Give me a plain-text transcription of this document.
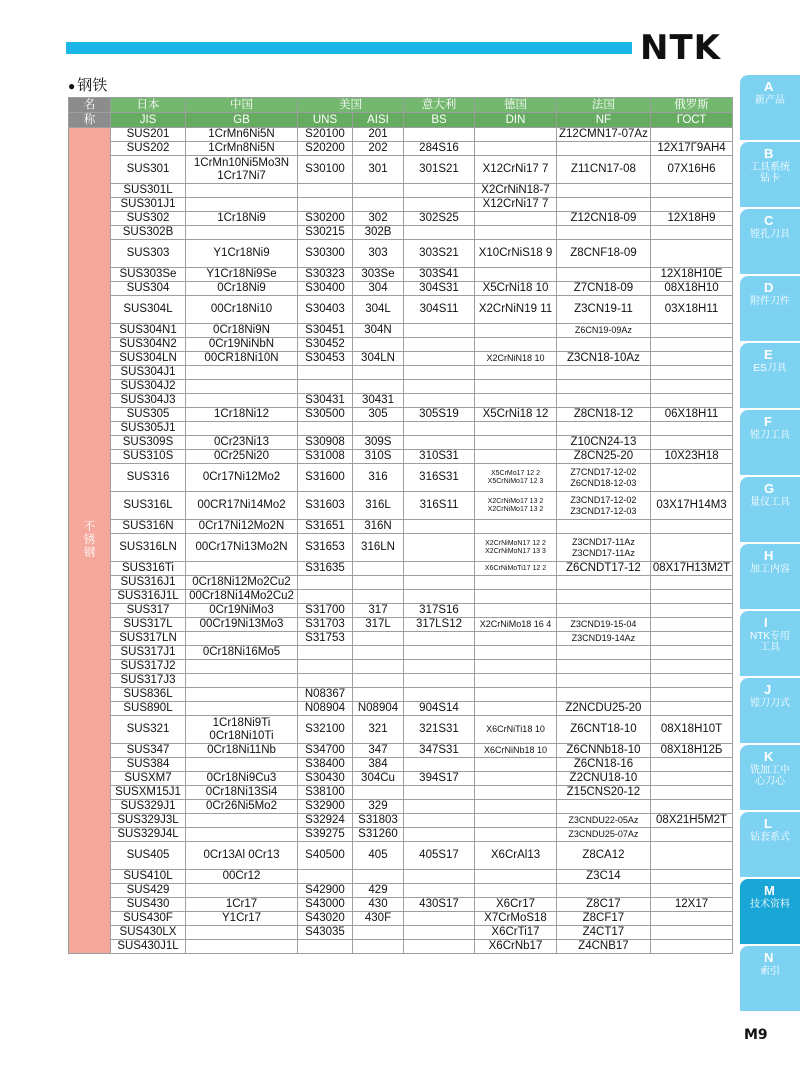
NTK
● 钢铁
名	日本	中国	美国		意大利	德国	法国	俄罗斯
称	JIS	GB	UNS	AISI	BS	DIN	NF	ГОСТ

不
锈
钢	SUS201	1CrMn6Ni5N	S20100	201			Z12CMN17-07Az	
	SUS202	1CrMn8Ni5N	S20200	202	284S16			12X17Г9АН4
	SUS301	1CrMn10Ni5Mo3N 1Cr17Ni7	S30100	301	301S21	X12CrNi17 7	Z11CN17-08	07X16H6
	SUS301L					X2CrNiN18-7		
	SUS301J1					X12CrNi17 7		
	SUS302	1Cr18Ni9	S30200	302	302S25		Z12CN18-09	12X18H9
	SUS302B		S30215	302B				
	SUS303	Y1Cr18Ni9	S30300	303	303S21	X10CrNiS18 9	Z8CNF18-09	
	SUS303Se	Y1Cr18Ni9Se	S30323	303Se	303S41			12X18H10E
	SUS304	0Cr18Ni9	S30400	304	304S31	X5CrNi18 10	Z7CN18-09	08X18H10
	SUS304L	00Cr18Ni10	S30403	304L	304S11	X2CrNiN19 11	Z3CN19-11	03X18H11
	SUS304N1	0Cr18Ni9N	S30451	304N			Z6CN19-09Az	
	SUS304N2	0Cr19NiNbN	S30452					
	SUS304LN	00CR18Ni10N	S30453	304LN		X2CrNiN18 10	Z3CN18-10Az	
	SUS304J1							
	SUS304J2							
	SUS304J3		S30431	30431				
	SUS305	1Cr18Ni12	S30500	305	305S19	X5CrNi18 12	Z8CN18-12	06X18H11
	SUS305J1							
	SUS309S	0Cr23Ni13	S30908	309S			Z10CN24-13	
	SUS310S	0Cr25Ni20	S31008	310S	310S31		Z8CN25-20	10X23H18
	SUS316	0Cr17Ni12Mo2	S31600	316	316S31	X5CrMo17 12 2 X5CrNiMo17 12 3	Z7CND17-12-02 Z6CND18-12-03	
	SUS316L	00CR17Ni14Mo2	S31603	316L	316S11	X2CrNiMo17 13 2 X2CrNiMo17 13 2	Z3CND17-12-02 Z3CND17-12-03	03X17H14M3
	SUS316N	0Cr17Ni12Mo2N	S31651	316N				
	SUS316LN	00Cr17Ni13Mo2N	S31653	316LN		X2CrNiMoN17 12 2 X2CrNiMoN17 13 3	Z3CND17-11Az Z3CND17-11Az	
	SUS316Ti		S31635			X6CrNiMoTi17 12 2	Z6CNDT17-12	08X17H13M2T
	SUS316J1	0Cr18Ni12Mo2Cu2						
	SUS316J1L	00Cr18Ni14Mo2Cu2						
	SUS317	0Cr19NiMo3	S31700	317	317S16			
	SUS317L	00Cr19Ni13Mo3	S31703	317L	317LS12	X2CrNiMo18 16 4	Z3CND19-15-04	
	SUS317LN		S31753				Z3CND19-14Az	
	SUS317J1	0Cr18Ni16Mo5						
	SUS317J2							
	SUS317J3							
	SUS836L		N08367					
	SUS890L		N08904	N08904	904S14		Z2NCDU25-20	
	SUS321	1Cr18Ni9Ti 0Cr18Ni10Ti	S32100	321	321S31	X6CrNiTi18 10	Z6CNT18-10	08X18H10T
	SUS347	0Cr18Ni11Nb	S34700	347	347S31	X6CrNiNb18 10	Z6CNNb18-10	08X18H12Б
	SUS384		S38400	384			Z6CN18-16	
	SUSXM7	0Cr18Ni9Cu3	S30430	304Cu	394S17		Z2CNU18-10	
	SUSXM15J1	0Cr18Ni13Si4	S38100				Z15CNS20-12	
	SUS329J1	0Cr26Ni5Mo2	S32900	329				
	SUS329J3L		S32924	S31803			Z3CNDU22-05Az	08X21H5M2T
	SUS329J4L		S39275	S31260			Z3CNDU25-07Az	
	SUS405	0Cr13Al 0Cr13	S40500	405	405S17	X6CrAl13	Z8CA12	
	SUS410L	00Cr12					Z3C14	
	SUS429		S42900	429				
	SUS430	1Cr17	S43000	430	430S17	X6Cr17	Z8C17	12X17
	SUS430F	Y1Cr17	S43020	430F		X7CrMoS18	Z8CF17	
	SUS430LX		S43035			X6CrTi17	Z4CT17	
	SUS430J1L					X6CrNb17	Z4CNB17	
A
新产品
B
工具系统钻卡
C
镗孔刀具
D
附件刀件
E
ES刀具
F
镗刀工具
G
量仪工具
H
加工内容
I
NTK专用工具
J
镗刀刀式
K
铣加工中心刀心
L
钻套系式
M
技术资料
N
索引
M9
